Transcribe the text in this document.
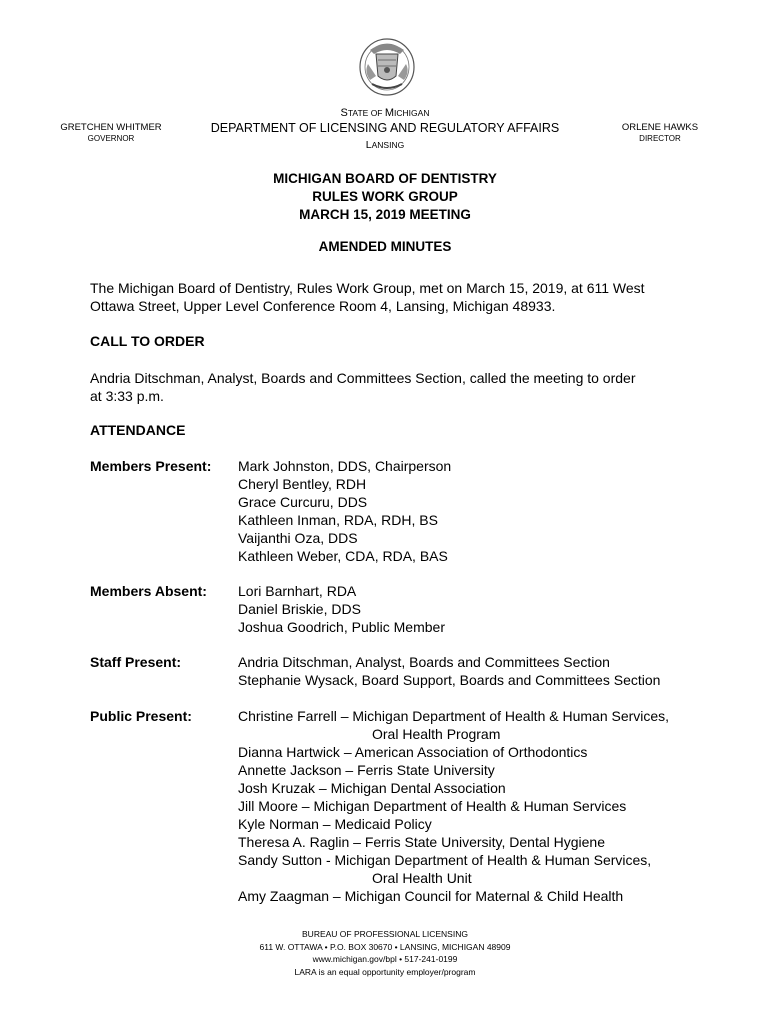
STATE OF MICHIGAN
DEPARTMENT OF LICENSING AND REGULATORY AFFAIRS
LANSING
GRETCHEN WHITMER
GOVERNOR
ORLENE HAWKS
DIRECTOR
MICHIGAN BOARD OF DENTISTRY
RULES WORK GROUP
MARCH 15, 2019 MEETING
AMENDED MINUTES
The Michigan Board of Dentistry, Rules Work Group, met on March 15, 2019, at 611 West
Ottawa Street, Upper Level Conference Room 4, Lansing, Michigan 48933.
CALL TO ORDER
Andria Ditschman, Analyst, Boards and Committees Section, called the meeting to order
at 3:33 p.m.
ATTENDANCE
Members Present: Mark Johnston, DDS, Chairperson
Cheryl Bentley, RDH
Grace Curcuru, DDS
Kathleen Inman, RDA, RDH, BS
Vaijanthi Oza, DDS
Kathleen Weber, CDA, RDA, BAS
Members Absent: Lori Barnhart, RDA
Daniel Briskie, DDS
Joshua Goodrich, Public Member
Staff Present:	Andria Ditschman, Analyst, Boards and Committees Section
Stephanie Wysack, Board Support, Boards and Committees Section
Public Present:	Christine Farrell – Michigan Department of Health & Human Services,
Oral Health Program
Dianna Hartwick – American Association of Orthodontics
Annette Jackson – Ferris State University
Josh Kruzak – Michigan Dental Association
Jill Moore – Michigan Department of Health & Human Services
Kyle Norman – Medicaid Policy
Theresa A. Raglin – Ferris State University, Dental Hygiene
Sandy Sutton - Michigan Department of Health & Human Services,
Oral Health Unit
Amy Zaagman – Michigan Council for Maternal & Child Health
BUREAU OF PROFESSIONAL LICENSING
611 W. OTTAWA • P.O. BOX 30670 • LANSING, MICHIGAN 48909
www.michigan.gov/bpl • 517-241-0199
LARA is an equal opportunity employer/program
